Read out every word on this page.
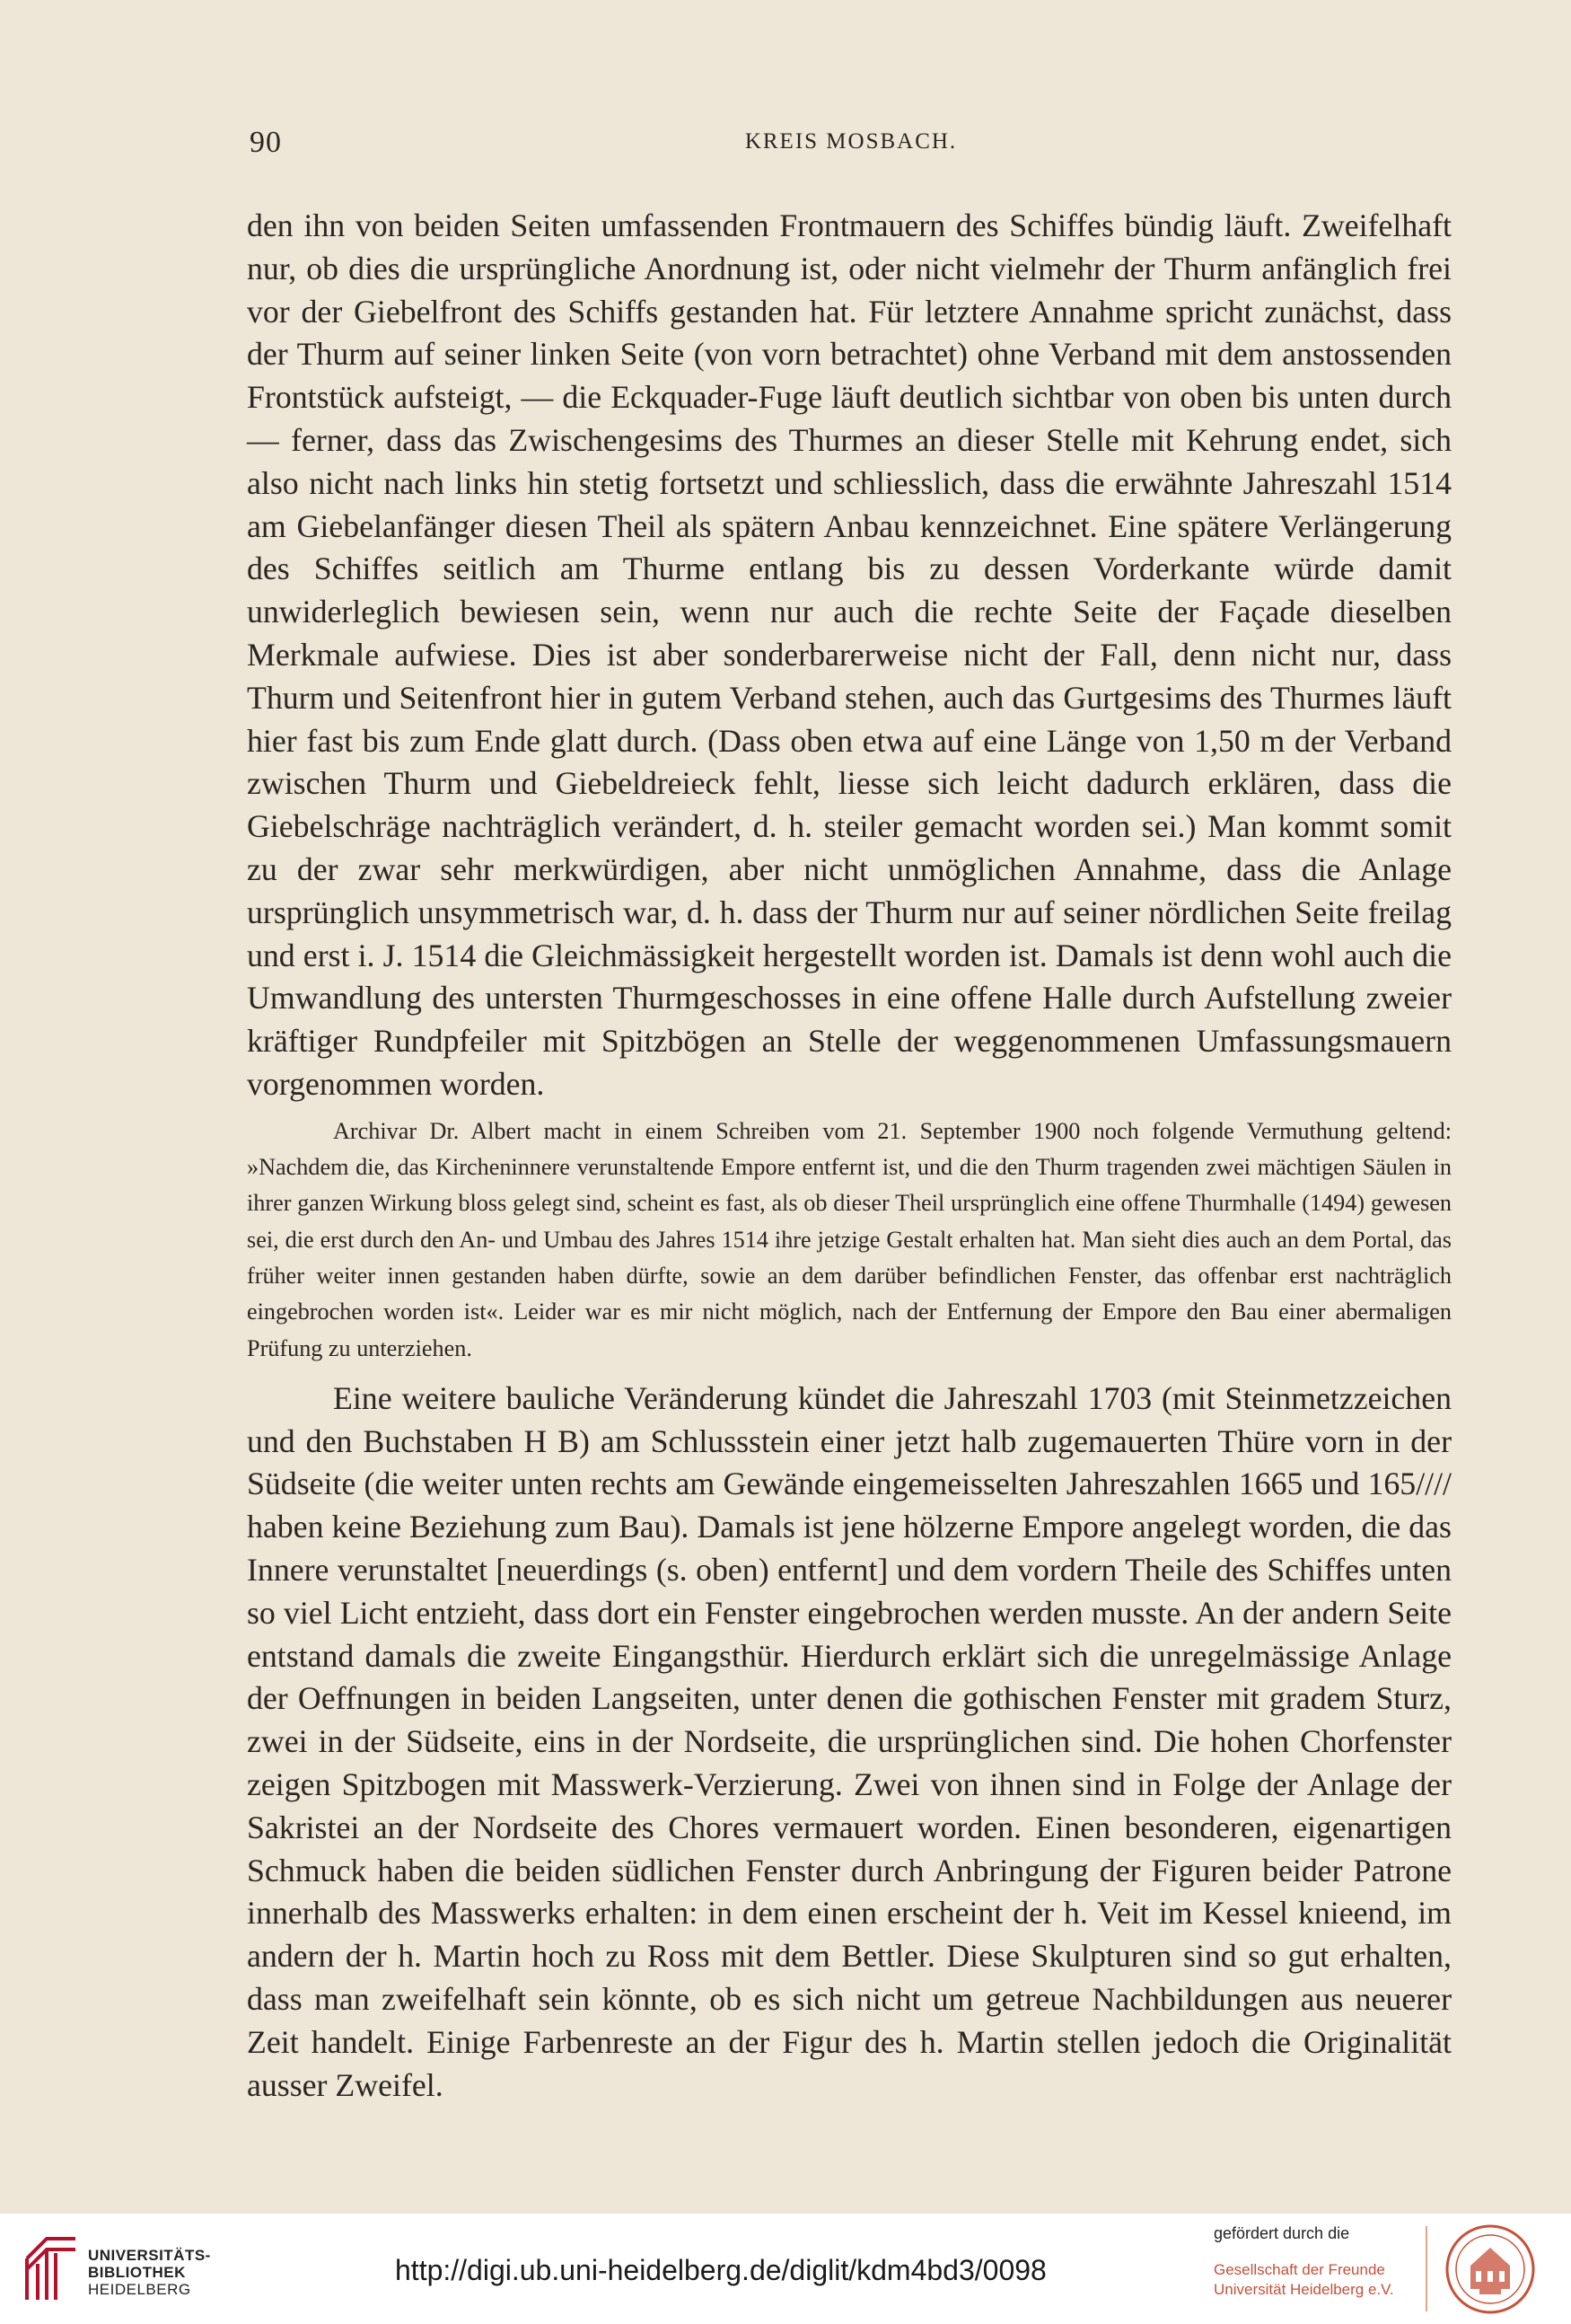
90	KREIS MOSBACH.

den ihn von beiden Seiten umfassenden Frontmauern des Schiffes bündig läuft. Zweifelhaft nur, ob dies die ursprüngliche Anordnung ist, oder nicht vielmehr der Thurm anfänglich frei vor der Giebelfront des Schiffs gestanden hat. Für letztere Annahme spricht zunächst, dass der Thurm auf seiner linken Seite (von vorn betrachtet) ohne Verband mit dem anstossenden Frontstück aufsteigt, — die Eckquader-Fuge läuft deutlich sichtbar von oben bis unten durch — ferner, dass das Zwischengesims des Thurmes an dieser Stelle mit Kehrung endet, sich also nicht nach links hin stetig fortsetzt und schliesslich, dass die erwähnte Jahreszahl 1514 am Giebelanfänger diesen Theil als spätern Anbau kennzeichnet. Eine spätere Verlängerung des Schiffes seitlich am Thurme entlang bis zu dessen Vorderkante würde damit unwiderleglich bewiesen sein, wenn nur auch die rechte Seite der Façade dieselben Merkmale aufwiese. Dies ist aber sonderbarerweise nicht der Fall, denn nicht nur, dass Thurm und Seitenfront hier in gutem Verband stehen, auch das Gurtgesims des Thurmes läuft hier fast bis zum Ende glatt durch. (Dass oben etwa auf eine Länge von 1,50 m der Verband zwischen Thurm und Giebeldreieck fehlt, liesse sich leicht dadurch erklären, dass die Giebelschräge nachträglich verändert, d. h. steiler gemacht worden sei.) Man kommt somit zu der zwar sehr merkwürdigen, aber nicht unmöglichen Annahme, dass die Anlage ursprünglich unsymmetrisch war, d. h. dass der Thurm nur auf seiner nördlichen Seite freilag und erst i. J. 1514 die Gleichmässigkeit hergestellt worden ist. Damals ist denn wohl auch die Umwandlung des untersten Thurmgeschosses in eine offene Halle durch Aufstellung zweier kräftiger Rundpfeiler mit Spitzbögen an Stelle der weggenommenen Umfassungsmauern vorgenommen worden.

Archivar Dr. Albert macht in einem Schreiben vom 21. September 1900 noch folgende Vermuthung geltend: »Nachdem die, das Kircheninnere verunstaltende Empore entfernt ist, und die den Thurm tragenden zwei mächtigen Säulen in ihrer ganzen Wirkung bloss gelegt sind, scheint es fast, als ob dieser Theil ursprünglich eine offene Thurmhalle (1494) gewesen sei, die erst durch den An- und Umbau des Jahres 1514 ihre jetzige Gestalt erhalten hat. Man sieht dies auch an dem Portal, das früher weiter innen gestanden haben dürfte, sowie an dem darüber befindlichen Fenster, das offenbar erst nachträglich eingebrochen worden ist«. Leider war es mir nicht möglich, nach der Entfernung der Empore den Bau einer abermaligen Prüfung zu unterziehen.

Eine weitere bauliche Veränderung kündet die Jahreszahl 1703 (mit Steinmetzzeichen und den Buchstaben H B) am Schlussstein einer jetzt halb zugemauerten Thüre vorn in der Südseite (die weiter unten rechts am Gewände eingemeisselten Jahreszahlen 1665 und 165//// haben keine Beziehung zum Bau). Damals ist jene hölzerne Empore angelegt worden, die das Innere verunstaltet [neuerdings (s. oben) entfernt] und dem vordern Theile des Schiffes unten so viel Licht entzieht, dass dort ein Fenster eingebrochen werden musste. An der andern Seite entstand damals die zweite Eingangsthür. Hierdurch erklärt sich die unregelmässige Anlage der Oeffnungen in beiden Langseiten, unter denen die gothischen Fenster mit gradem Sturz, zwei in der Südseite, eins in der Nordseite, die ursprünglichen sind. Die hohen Chorfenster zeigen Spitzbogen mit Masswerk-Verzierung. Zwei von ihnen sind in Folge der Anlage der Sakristei an der Nordseite des Chores vermauert worden. Einen besonderen, eigenartigen Schmuck haben die beiden südlichen Fenster durch Anbringung der Figuren beider Patrone innerhalb des Masswerks erhalten: in dem einen erscheint der h. Veit im Kessel knieend, im andern der h. Martin hoch zu Ross mit dem Bettler. Diese Skulpturen sind so gut erhalten, dass man zweifelhaft sein könnte, ob es sich nicht um getreue Nachbildungen aus neuerer Zeit handelt. Einige Farbenreste an der Figur des h. Martin stellen jedoch die Originalität ausser Zweifel.

UNIVERSITÄTS-
BIBLIOTHEK
HEIDELBERG
http://digi.ub.uni-heidelberg.de/diglit/kdm4bd3/0098
gefördert durch die
Gesellschaft der Freunde
Universität Heidelberg e.V.
